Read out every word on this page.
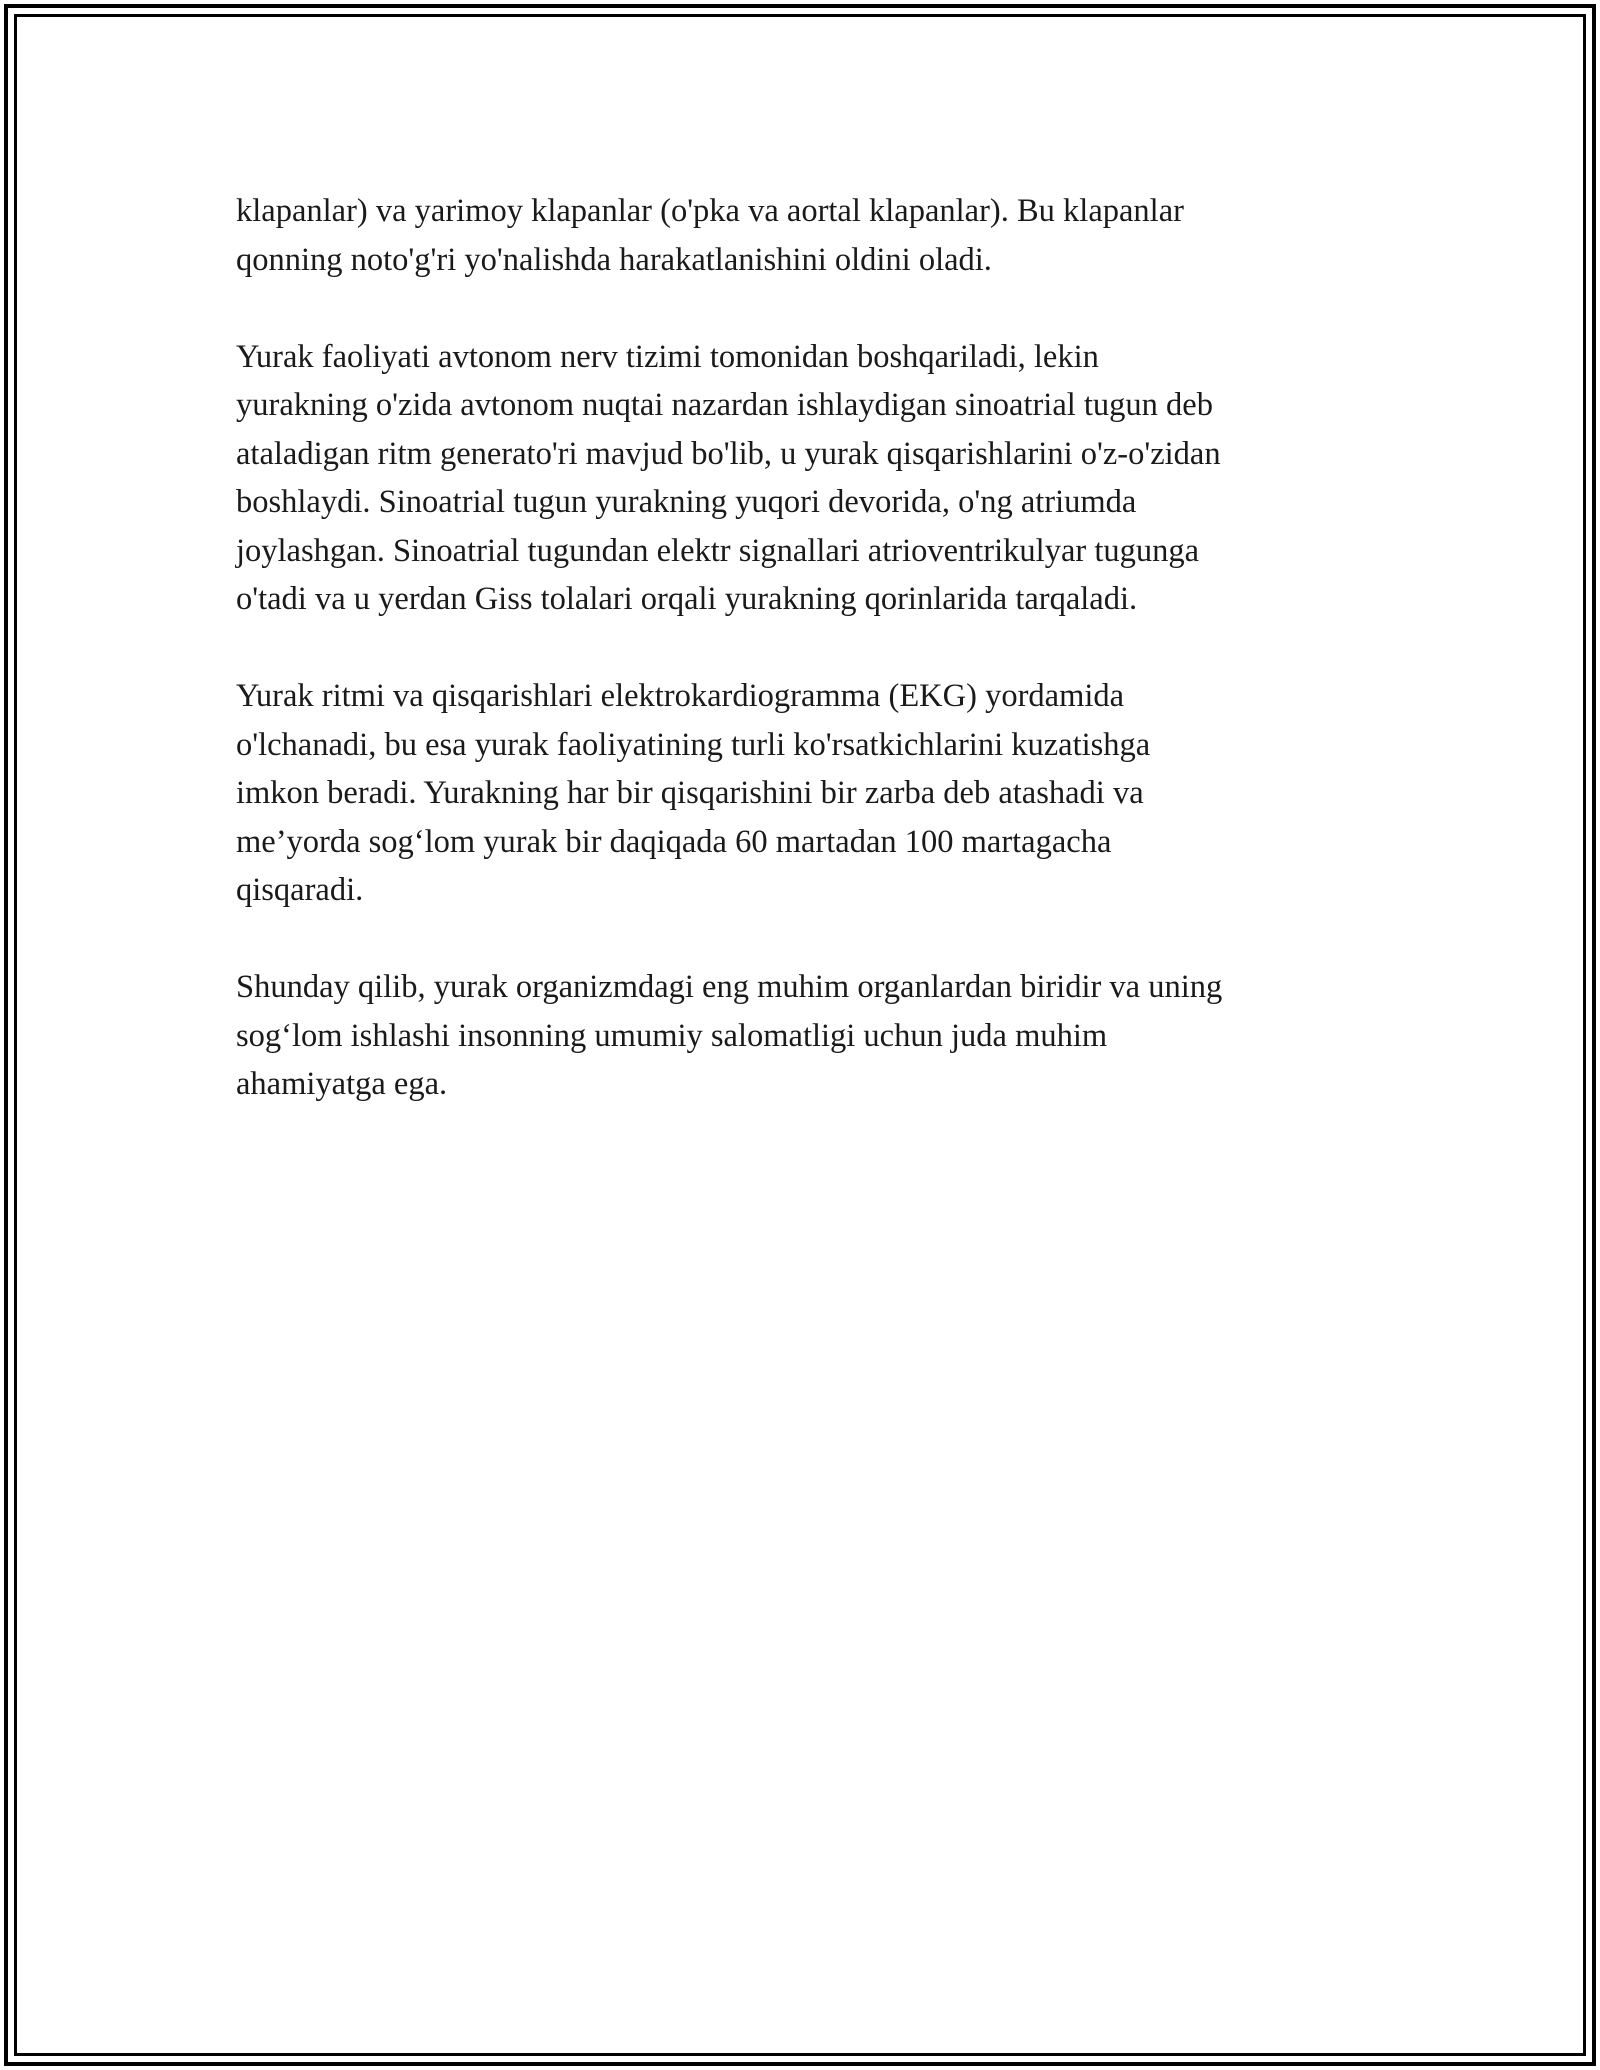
klapanlar) va yarimoy klapanlar (o'pka va aortal klapanlar). Bu klapanlar
qonning noto'g'ri yo'nalishda harakatlanishini oldini oladi.

Yurak faoliyati avtonom nerv tizimi tomonidan boshqariladi, lekin
yurakning o'zida avtonom nuqtai nazardan ishlaydigan sinoatrial tugun deb
ataladigan ritm generato'ri mavjud bo'lib, u yurak qisqarishlarini o'z-o'zidan
boshlaydi. Sinoatrial tugun yurakning yuqori devorida, o'ng atriumda
joylashgan. Sinoatrial tugundan elektr signallari atrioventrikulyar tugunga
o'tadi va u yerdan Giss tolalari orqali yurakning qorinlarida tarqaladi.

Yurak ritmi va qisqarishlari elektrokardiogramma (EKG) yordamida
o'lchanadi, bu esa yurak faoliyatining turli ko'rsatkichlarini kuzatishga
imkon beradi. Yurakning har bir qisqarishini bir zarba deb atashadi va
me’yorda sog‘lom yurak bir daqiqada 60 martadan 100 martagacha
qisqaradi.

Shunday qilib, yurak organizmdagi eng muhim organlardan biridir va uning
sog‘lom ishlashi insonning umumiy salomatligi uchun juda muhim
ahamiyatga ega.
